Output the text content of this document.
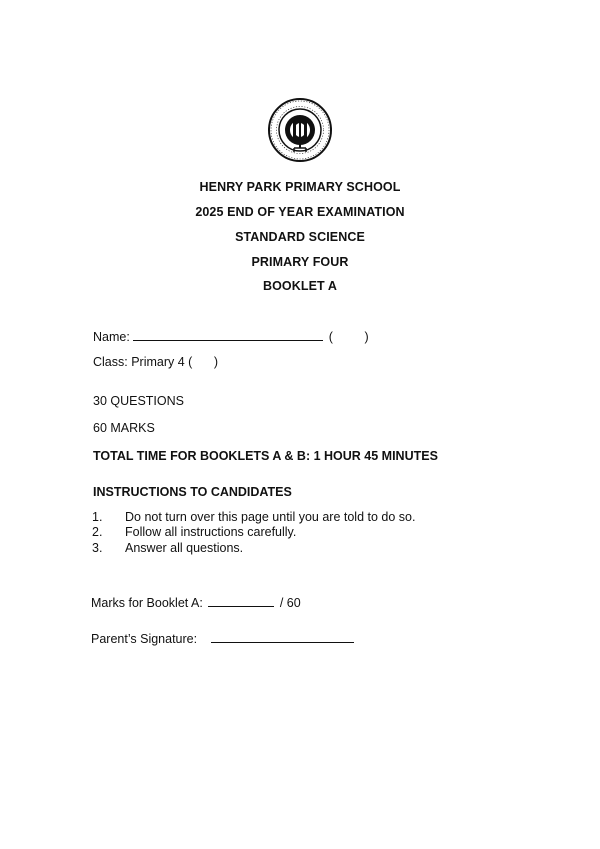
HENRY PARK PRIMARY SCHOOL
2025 END OF YEAR EXAMINATION
STANDARD SCIENCE
PRIMARY FOUR
BOOKLET A
Name:	(	)
Class: Primary 4 ( )
30 QUESTIONS
60 MARKS
TOTAL TIME FOR BOOKLETS A & B: 1 HOUR 45 MINUTES
INSTRUCTIONS TO CANDIDATES
1. Do not turn over this page until you are told to do so.
2. Follow all instructions carefully.
3. Answer all questions.
Marks for Booklet A:	/ 60
Parent’s Signature:
